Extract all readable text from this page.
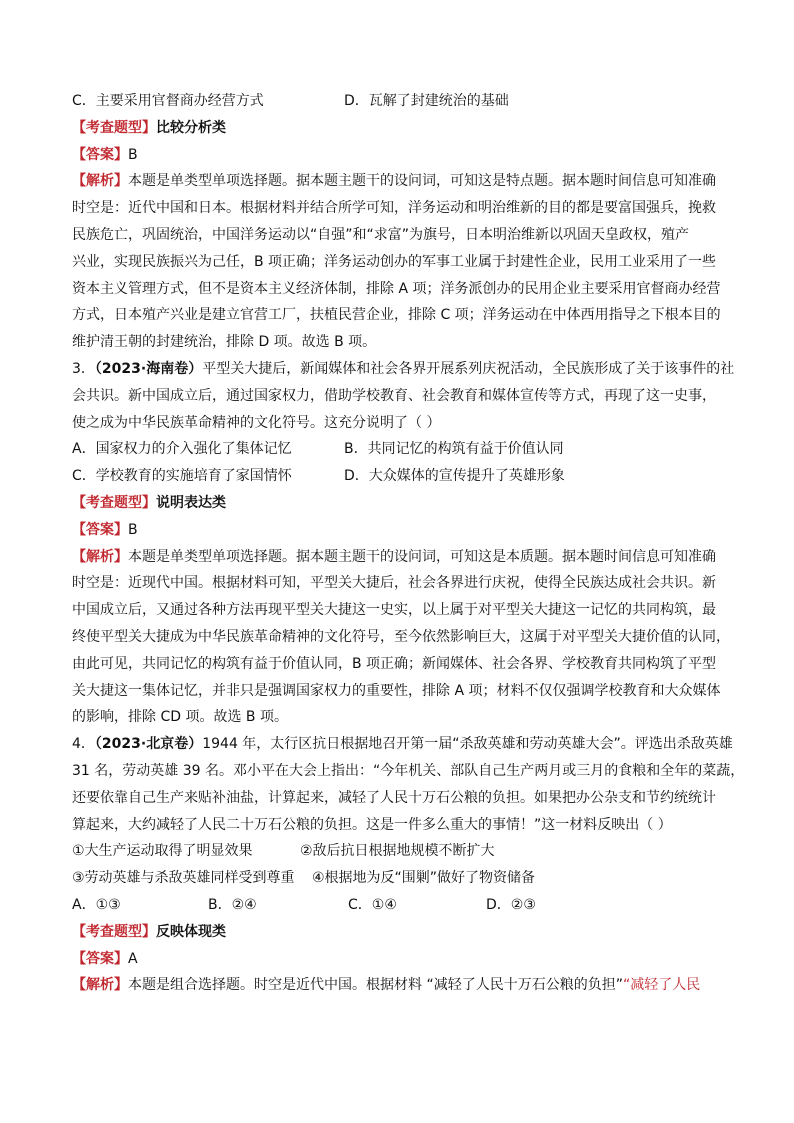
C．主要采用官督商办经营方式	D．瓦解了封建统治的基础
【考查题型】比较分析类
【答案】B
【解析】本题是单类型单项选择题。据本题主题干的设问词，可知这是特点题。据本题时间信息可知准确
时空是：近代中国和日本。根据材料并结合所学可知，洋务运动和明治维新的目的都是要富国强兵，挽救
民族危亡，巩固统治，中国洋务运动以“自强”和“求富”为旗号，日本明治维新以巩固天皇政权，殖产
兴业，实现民族振兴为己任，B 项正确；洋务运动创办的军事工业属于封建性企业，民用工业采用了一些
资本主义管理方式，但不是资本主义经济体制，排除 A 项；洋务派创办的民用企业主要采用官督商办经营
方式，日本殖产兴业是建立官营工厂，扶植民营企业，排除 C 项；洋务运动在中体西用指导之下根本目的
维护清王朝的封建统治，排除 D 项。故选 B 项。
3．（2023·海南卷）平型关大捷后，新闻媒体和社会各界开展系列庆祝活动，全民族形成了关于该事件的社
会共识。新中国成立后，通过国家权力，借助学校教育、社会教育和媒体宣传等方式，再现了这一史事，
使之成为中华民族革命精神的文化符号。这充分说明了（ ）
A．国家权力的介入强化了集体记忆	B．共同记忆的构筑有益于价值认同
C．学校教育的实施培育了家国情怀	D．大众媒体的宣传提升了英雄形象
【考查题型】说明表达类
【答案】B
【解析】本题是单类型单项选择题。据本题主题干的设问词，可知这是本质题。据本题时间信息可知准确
时空是：近现代中国。根据材料可知，平型关大捷后，社会各界进行庆祝，使得全民族达成社会共识。新
中国成立后，又通过各种方法再现平型关大捷这一史实，以上属于对平型关大捷这一记忆的共同构筑，最
终使平型关大捷成为中华民族革命精神的文化符号，至今依然影响巨大，这属于对平型关大捷价值的认同，
由此可见，共同记忆的构筑有益于价值认同，B 项正确；新闻媒体、社会各界、学校教育共同构筑了平型
关大捷这一集体记忆，并非只是强调国家权力的重要性，排除 A 项；材料不仅仅强调学校教育和大众媒体
的影响，排除 CD 项。故选 B 项。
4．（2023·北京卷）1944 年，太行区抗日根据地召开第一届“杀敌英雄和劳动英雄大会”。评选出杀敌英雄
31 名，劳动英雄 39 名。邓小平在大会上指出：“今年机关、部队自己生产两月或三月的食粮和全年的菜蔬，
还要依靠自己生产来贴补油盐，计算起来，减轻了人民十万石公粮的负担。如果把办公杂支和节约统统计
算起来，大约减轻了人民二十万石公粮的负担。这是一件多么重大的事情！”这一材料反映出（ ）
①大生产运动取得了明显效果	②敌后抗日根据地规模不断扩大
③劳动英雄与杀敌英雄同样受到尊重 ④根据地为反“围剿”做好了物资储备
A．①③	B．②④	C．①④	D．②③
【考查题型】反映体现类
【答案】A
【解析】本题是组合选择题。时空是近代中国。根据材料 “减轻了人民十万石公粮的负担”“减轻了人民
